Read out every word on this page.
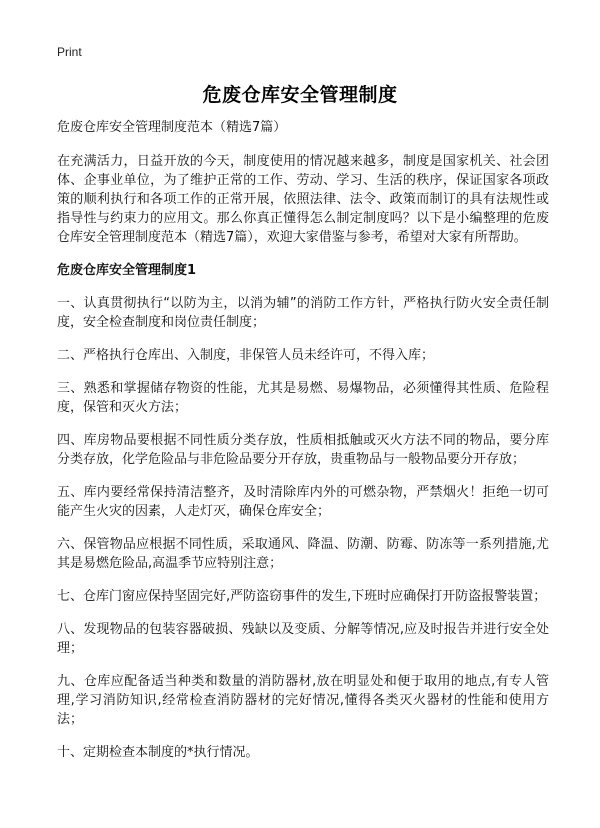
Print
危废仓库安全管理制度

危废仓库安全管理制度范本（精选7篇）

在充满活力，日益开放的今天，制度使用的情况越来越多，制度是国家机关、社会团体、企事业单位，为了维护正常的工作、劳动、学习、生活的秩序，保证国家各项政策的顺利执行和各项工作的正常开展，依照法律、法令、政策而制订的具有法规性或指导性与约束力的应用文。那么你真正懂得怎么制定制度吗？以下是小编整理的危废仓库安全管理制度范本（精选7篇），欢迎大家借鉴与参考，希望对大家有所帮助。

危废仓库安全管理制度1

一、认真贯彻执行“以防为主，以消为辅”的消防工作方针，严格执行防火安全责任制度，安全检查制度和岗位责任制度；

二、严格执行仓库出、入制度，非保管人员未经许可，不得入库；

三、熟悉和掌握储存物资的性能，尤其是易燃、易爆物品，必须懂得其性质、危险程度，保管和灭火方法；

四、库房物品要根据不同性质分类存放，性质相抵触或灭火方法不同的物品，要分库分类存放，化学危险品与非危险品要分开存放，贵重物品与一般物品要分开存放；

五、库内要经常保持清洁整齐，及时清除库内外的可燃杂物，严禁烟火！拒绝一切可能产生火灾的因素，人走灯灭，确保仓库安全；

六、保管物品应根据不同性质，采取通风、降温、防潮、防霉、防冻等一系列措施,尤其是易燃危险品,高温季节应特别注意；

七、仓库门窗应保持坚固完好,严防盗窃事件的发生,下班时应确保打开防盗报警装置；

八、发现物品的包装容器破损、残缺以及变质、分解等情况,应及时报告并进行安全处理；

九、仓库应配备适当种类和数量的消防器材,放在明显处和便于取用的地点,有专人管理,学习消防知识,经常检查消防器材的完好情况,懂得各类灭火器材的性能和使用方法；

十、定期检查本制度的*执行情况。
